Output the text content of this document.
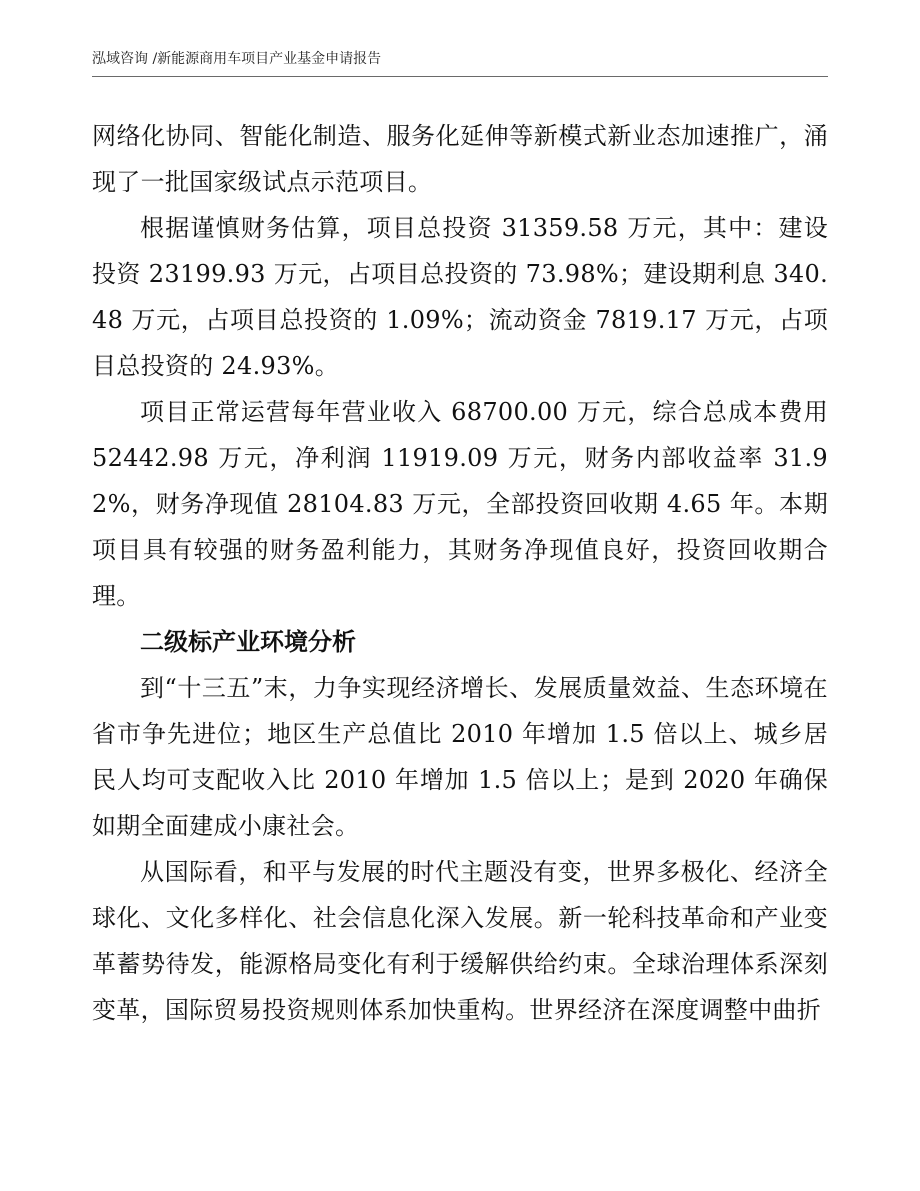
泓域咨询 /新能源商用车项目产业基金申请报告

网络化协同、智能化制造、服务化延伸等新模式新业态加速推广，涌现了一批国家级试点示范项目。

根据谨慎财务估算，项目总投资 31359.58 万元，其中：建设投资 23199.93 万元，占项目总投资的 73.98%；建设期利息 340.48 万元，占项目总投资的 1.09%；流动资金 7819.17 万元，占项目总投资的 24.93%。

项目正常运营每年营业收入 68700.00 万元，综合总成本费用 52442.98 万元，净利润 11919.09 万元，财务内部收益率 31.92%，财务净现值 28104.83 万元，全部投资回收期 4.65 年。本期项目具有较强的财务盈利能力，其财务净现值良好，投资回收期合理。

二级标产业环境分析

到“十三五”末，力争实现经济增长、发展质量效益、生态环境在省市争先进位；地区生产总值比 2010 年增加 1.5 倍以上、城乡居民人均可支配收入比 2010 年增加 1.5 倍以上；是到 2020 年确保如期全面建成小康社会。

从国际看，和平与发展的时代主题没有变，世界多极化、经济全球化、文化多样化、社会信息化深入发展。新一轮科技革命和产业变革蓄势待发，能源格局变化有利于缓解供给约束。全球治理体系深刻变革，国际贸易投资规则体系加快重构。世界经济在深度调整中曲折
